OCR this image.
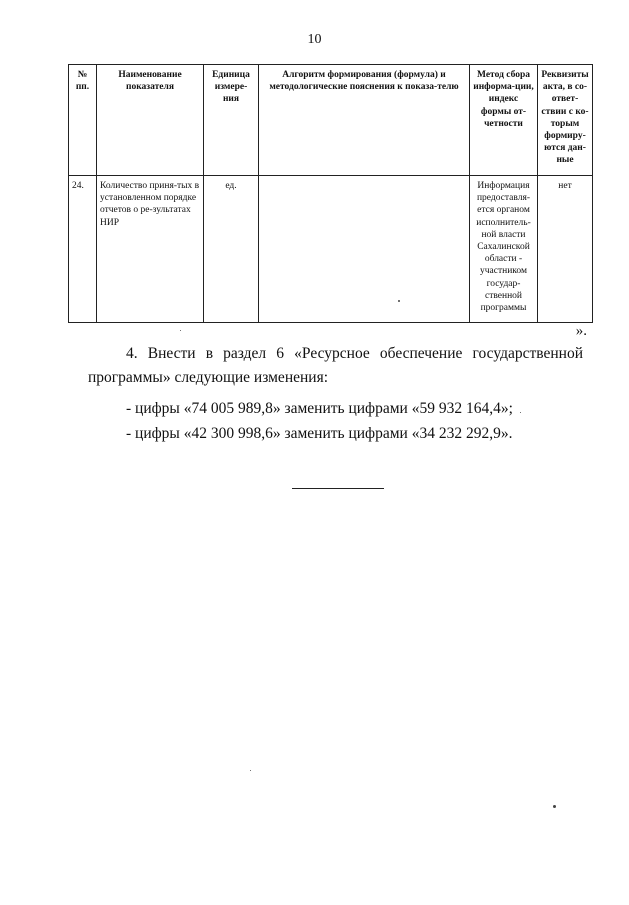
10
№ пп.	Наименование показателя	Единица измере-ния	Алгоритм формирования (формула) и методологические пояснения к показа-телю	Метод сбора информа-ции, индекс формы от-четности	Реквизиты акта, в со-ответ-ствии с ко-торым формиру-ются дан-ные
24.	Количество приня-тых в установленном порядке отчетов о ре-зультатах НИР	ед.		Информация предоставля-ется органом исполнитель-ной власти Сахалинской области - участником государ-ственной программы	нет
».
4. Внести в раздел 6 «Ресурсное обеспечение государственной программы» следующие изменения:
- цифры «74 005 989,8» заменить цифрами «59 932 164,4»;
- цифры «42 300 998,6» заменить цифрами «34 232 292,9».
